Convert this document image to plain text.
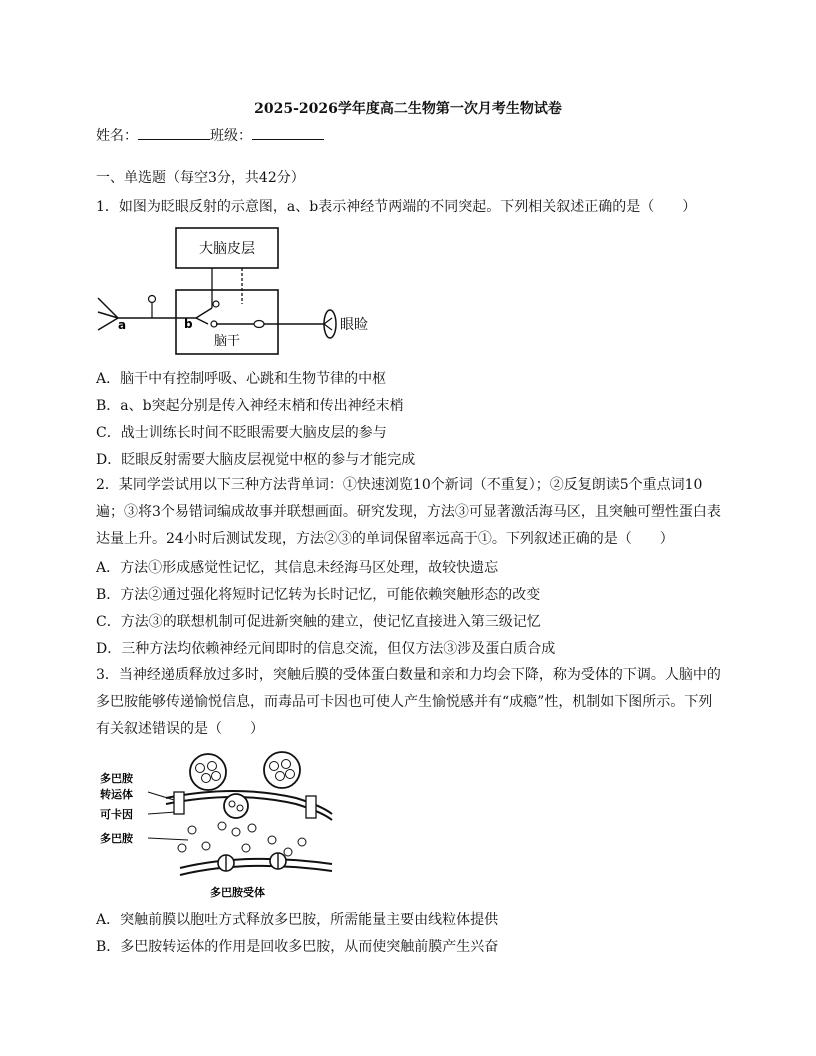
2025-2026学年度高二生物第一次月考生物试卷
姓名：	班级：
一、单选题（每空3分，共42分）
1．如图为眨眼反射的示意图，a、b表示神经节两端的不同突起。下列相关叙述正确的是（　　）
大脑皮层
脑干
a	b	眼睑
A．脑干中有控制呼吸、心跳和生物节律的中枢
B．a、b突起分别是传入神经末梢和传出神经末梢
C．战士训练长时间不眨眼需要大脑皮层的参与
D．眨眼反射需要大脑皮层视觉中枢的参与才能完成
2．某同学尝试用以下三种方法背单词：①快速浏览10个新词（不重复）；②反复朗读5个重点词10遍；③将3个易错词编成故事并联想画面。研究发现，方法③可显著激活海马区，且突触可塑性蛋白表达量上升。24小时后测试发现，方法②③的单词保留率远高于①。下列叙述正确的是（　　）
A．方法①形成感觉性记忆，其信息未经海马区处理，故较快遗忘
B．方法②通过强化将短时记忆转为长时记忆，可能依赖突触形态的改变
C．方法③的联想机制可促进新突触的建立，使记忆直接进入第三级记忆
D．三种方法均依赖神经元间即时的信息交流，但仅方法③涉及蛋白质合成
3．当神经递质释放过多时，突触后膜的受体蛋白数量和亲和力均会下降，称为受体的下调。人脑中的多巴胺能够传递愉悦信息，而毒品可卡因也可使人产生愉悦感并有“成瘾”性，机制如下图所示。下列有关叙述错误的是（　　）
多巴胺
转运体
可卡因
多巴胺
多巴胺受体
A．突触前膜以胞吐方式释放多巴胺，所需能量主要由线粒体提供
B．多巴胺转运体的作用是回收多巴胺，从而使突触前膜产生兴奋
